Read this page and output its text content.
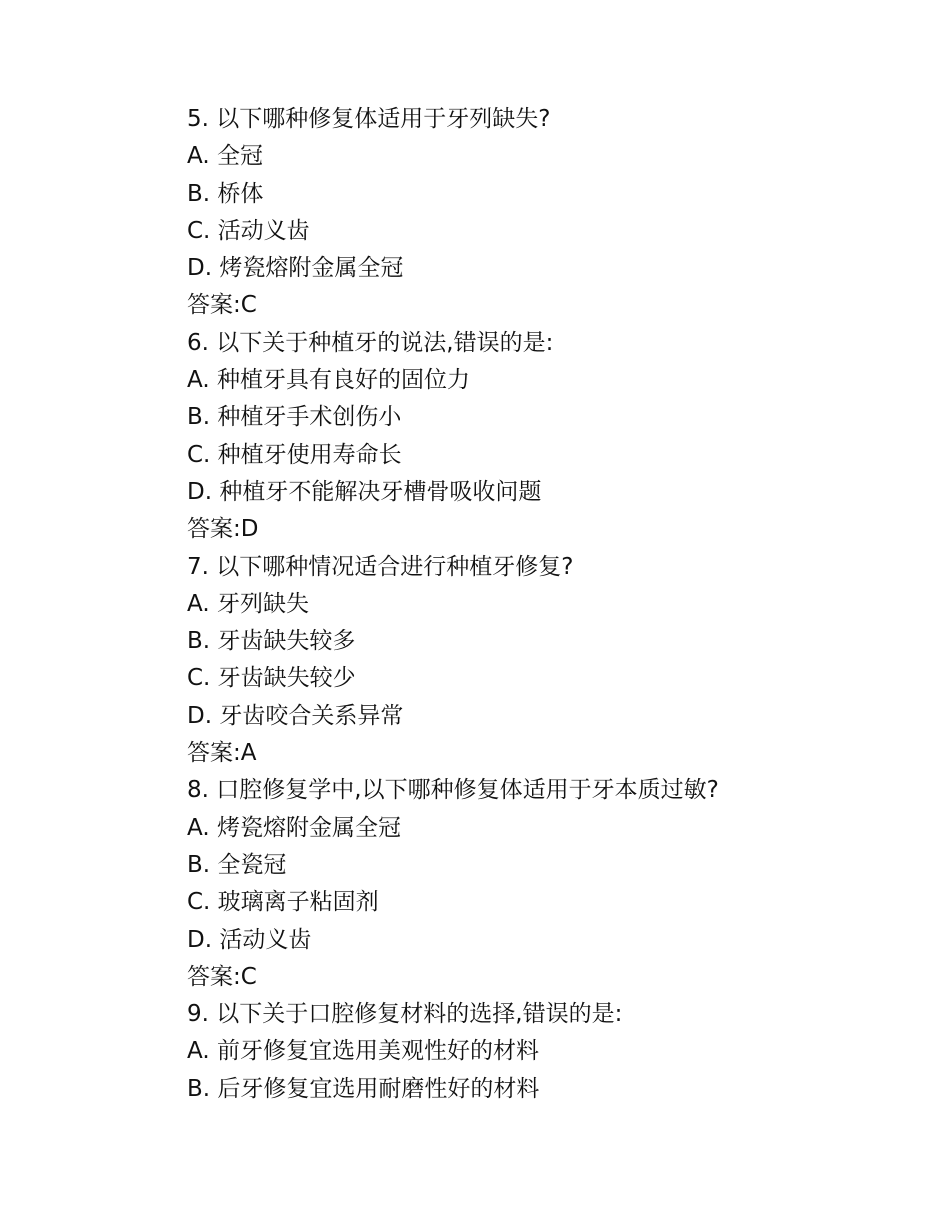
5. 以下哪种修复体适用于牙列缺失?

A. 全冠

B. 桥体

C. 活动义齿

D. 烤瓷熔附金属全冠

答案:C

6. 以下关于种植牙的说法,错误的是:

A. 种植牙具有良好的固位力

B. 种植牙手术创伤小

C. 种植牙使用寿命长

D. 种植牙不能解决牙槽骨吸收问题

答案:D

7. 以下哪种情况适合进行种植牙修复?

A. 牙列缺失

B. 牙齿缺失较多

C. 牙齿缺失较少

D. 牙齿咬合关系异常

答案:A

8. 口腔修复学中,以下哪种修复体适用于牙本质过敏?

A. 烤瓷熔附金属全冠

B. 全瓷冠

C. 玻璃离子粘固剂

D. 活动义齿

答案:C

9. 以下关于口腔修复材料的选择,错误的是:

A. 前牙修复宜选用美观性好的材料

B. 后牙修复宜选用耐磨性好的材料
